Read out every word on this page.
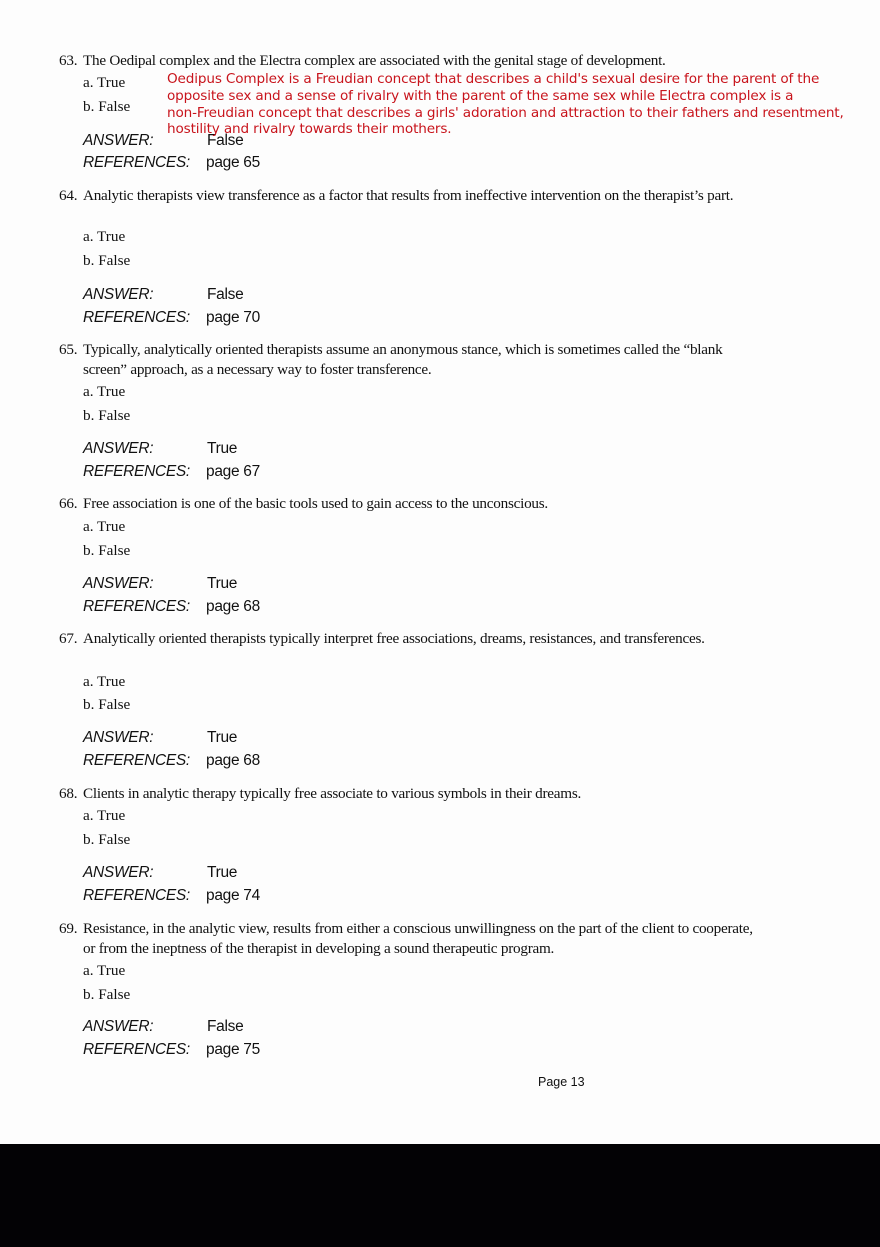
63. The Oedipal complex and the Electra complex are associated with the genital stage of development.
a. True
b. False
ANSWER:	False
REFERENCES: page 65
Oedipus Complex is a Freudian concept that describes a child's sexual desire for the parent of the
opposite sex and a sense of rivalry with the parent of the same sex while Electra complex is a
non-Freudian concept that describes a girls' adoration and attraction to their fathers and resentment,
hostility and rivalry towards their mothers.
64. Analytic therapists view transference as a factor that results from ineffective intervention on the therapist’s part.
a. True
b. False
ANSWER:	False
REFERENCES: page 70
65. Typically, analytically oriented therapists assume an anonymous stance, which is sometimes called the “blank
screen” approach, as a necessary way to foster transference.
a. True
b. False
ANSWER:	True
REFERENCES: page 67
66. Free association is one of the basic tools used to gain access to the unconscious.
a. True
b. False
ANSWER:	True
REFERENCES: page 68
67. Analytically oriented therapists typically interpret free associations, dreams, resistances, and transferences.
a. True
b. False
ANSWER:	True
REFERENCES: page 68
68. Clients in analytic therapy typically free associate to various symbols in their dreams.
a. True
b. False
ANSWER:	True
REFERENCES: page 74
69. Resistance, in the analytic view, results from either a conscious unwillingness on the part of the client to cooperate,
or from the ineptness of the therapist in developing a sound therapeutic program.
a. True
b. False
ANSWER:	False
REFERENCES: page 75
Page 13
